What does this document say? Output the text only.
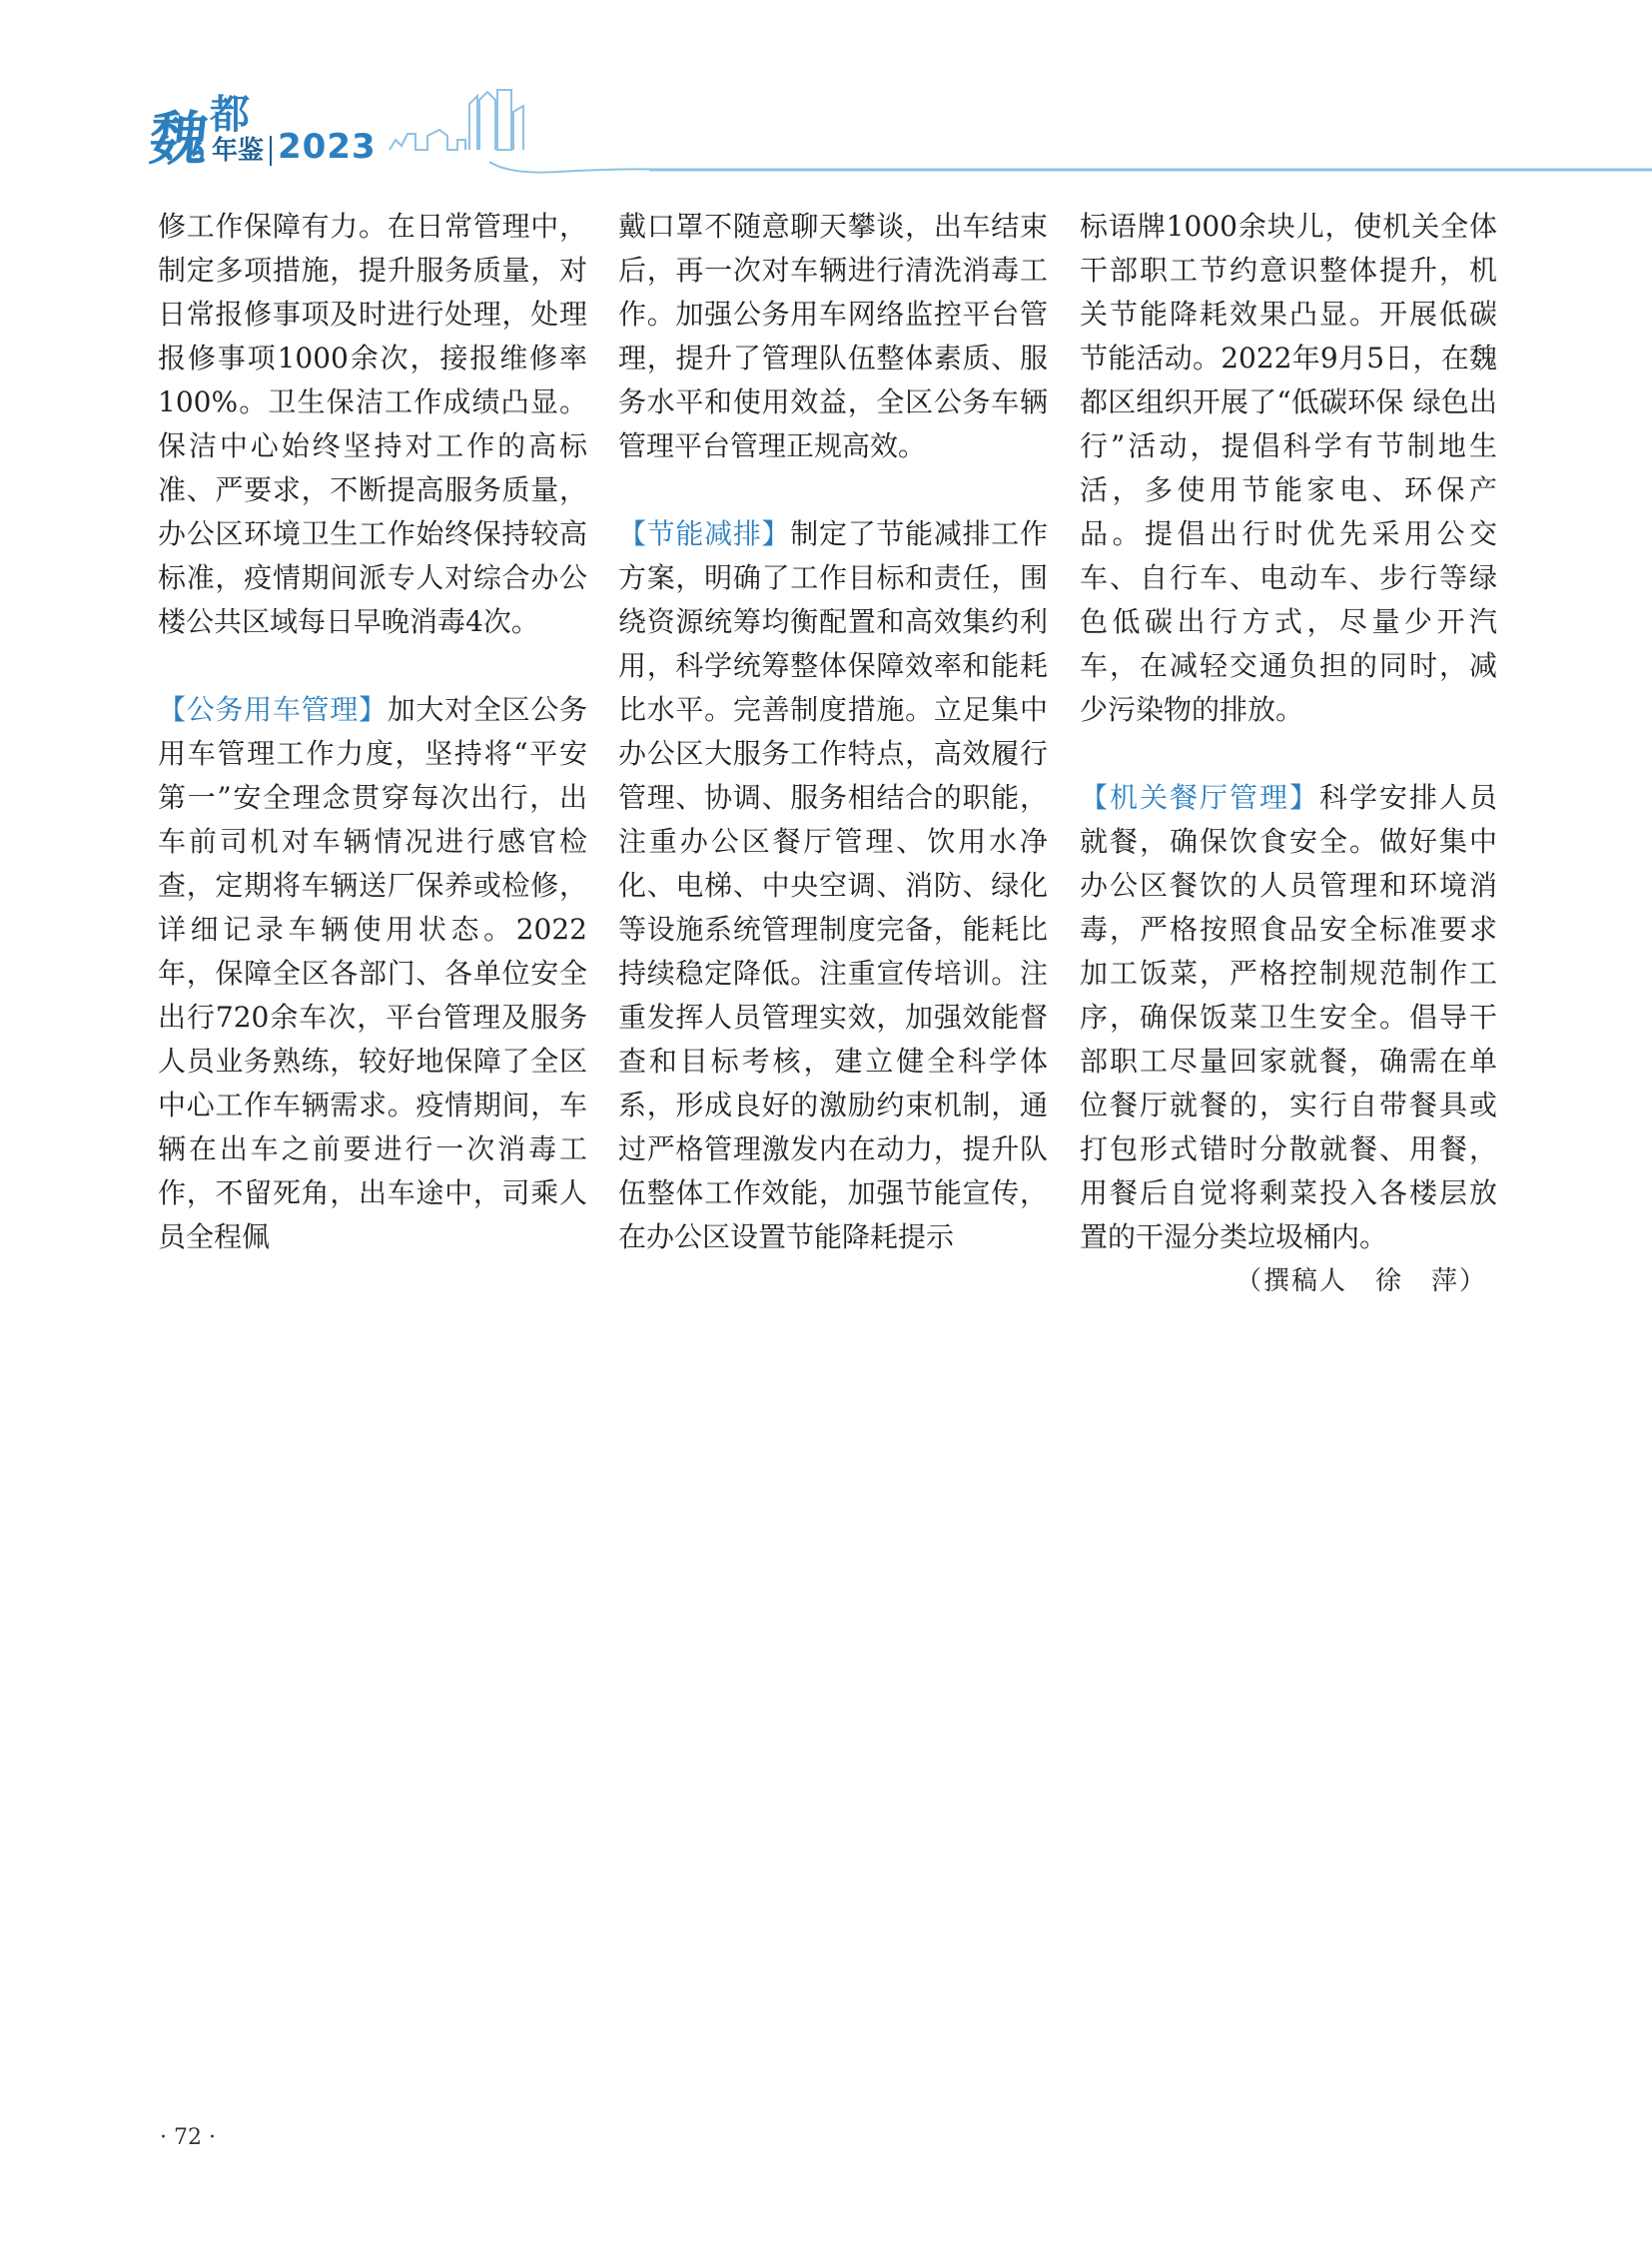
魏
都
年鉴 2023

修工作保障有力。在日常管理中，制定多项措施，提升服务质量，对日常报修事项及时进行处理，处理报修事项1000余次，接报维修率100%。卫生保洁工作成绩凸显。保洁中心始终坚持对工作的高标准、严要求，不断提高服务质量，办公区环境卫生工作始终保持较高标准，疫情期间派专人对综合办公楼公共区域每日早晚消毒4次。

【公务用车管理】加大对全区公务用车管理工作力度，坚持将“平安第一”安全理念贯穿每次出行，出车前司机对车辆情况进行感官检查，定期将车辆送厂保养或检修，详细记录车辆使用状态。2022年，保障全区各部门、各单位安全出行720余车次，平台管理及服务人员业务熟练，较好地保障了全区中心工作车辆需求。疫情期间，车辆在出车之前要进行一次消毒工作，不留死角，出车途中，司乘人员全程佩

戴口罩不随意聊天攀谈，出车结束后，再一次对车辆进行清洗消毒工作。加强公务用车网络监控平台管理，提升了管理队伍整体素质、服务水平和使用效益，全区公务车辆管理平台管理正规高效。

【节能减排】制定了节能减排工作方案，明确了工作目标和责任，围绕资源统筹均衡配置和高效集约利用，科学统筹整体保障效率和能耗比水平。完善制度措施。立足集中办公区大服务工作特点，高效履行管理、协调、服务相结合的职能，注重办公区餐厅管理、饮用水净化、电梯、中央空调、消防、绿化等设施系统管理制度完备，能耗比持续稳定降低。注重宣传培训。注重发挥人员管理实效，加强效能督查和目标考核，建立健全科学体系，形成良好的激励约束机制，通过严格管理激发内在动力，提升队伍整体工作效能，加强节能宣传，在办公区设置节能降耗提示

标语牌1000余块儿，使机关全体干部职工节约意识整体提升，机关节能降耗效果凸显。开展低碳节能活动。2022年9月5日，在魏都区组织开展了“低碳环保 绿色出行”活动，提倡科学有节制地生活，多使用节能家电、环保产品。提倡出行时优先采用公交车、自行车、电动车、步行等绿色低碳出行方式，尽量少开汽车，在减轻交通负担的同时，减少污染物的排放。

【机关餐厅管理】科学安排人员就餐，确保饮食安全。做好集中办公区餐饮的人员管理和环境消毒，严格按照食品安全标准要求加工饭菜，严格控制规范制作工序，确保饭菜卫生安全。倡导干部职工尽量回家就餐，确需在单位餐厅就餐的，实行自带餐具或打包形式错时分散就餐、用餐，用餐后自觉将剩菜投入各楼层放置的干湿分类垃圾桶内。

（撰稿人　徐　萍）
· 72 ·
